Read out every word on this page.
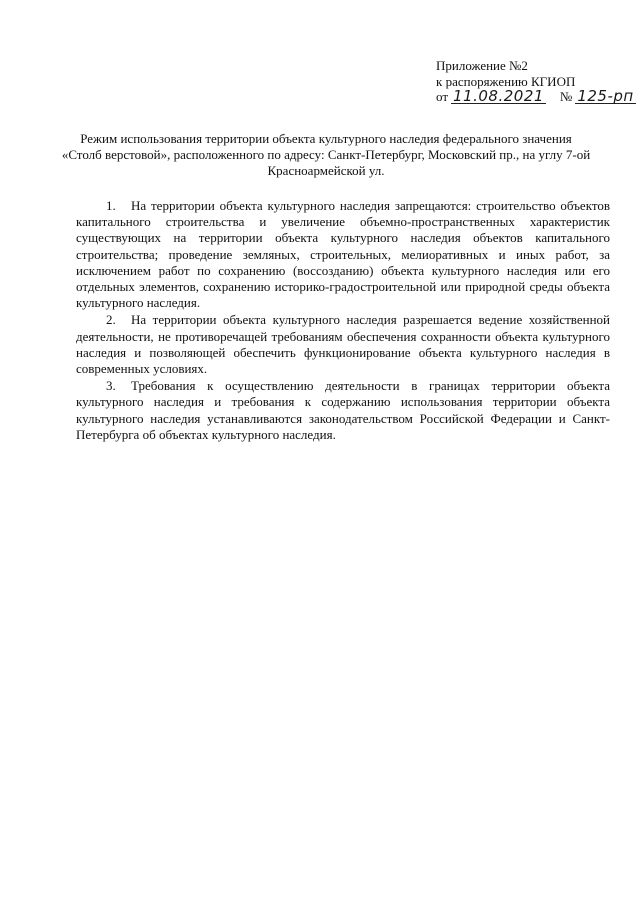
Приложение №2
к распоряжению КГИОП
от 11.08.2021 № 125-рп
Режим использования территории объекта культурного наследия федерального значения «Столб верстовой», расположенного по адресу: Санкт-Петербург, Московский пр., на углу 7-ой Красноармейской ул.

1. На территории объекта культурного наследия запрещаются: строительство объектов капитального строительства и увеличение объемно-пространственных характеристик существующих на территории объекта культурного наследия объектов капитального строительства; проведение земляных, строительных, мелиоративных и иных работ, за исключением работ по сохранению (воссозданию) объекта культурного наследия или его отдельных элементов, сохранению историко-градостроительной или природной среды объекта культурного наследия.

2. На территории объекта культурного наследия разрешается ведение хозяйственной деятельности, не противоречащей требованиям обеспечения сохранности объекта культурного наследия и позволяющей обеспечить функционирование объекта культурного наследия в современных условиях.

3. Требования к осуществлению деятельности в границах территории объекта культурного наследия и требования к содержанию использования территории объекта культурного наследия устанавливаются законодательством Российской Федерации и Санкт-Петербурга об объектах культурного наследия.
